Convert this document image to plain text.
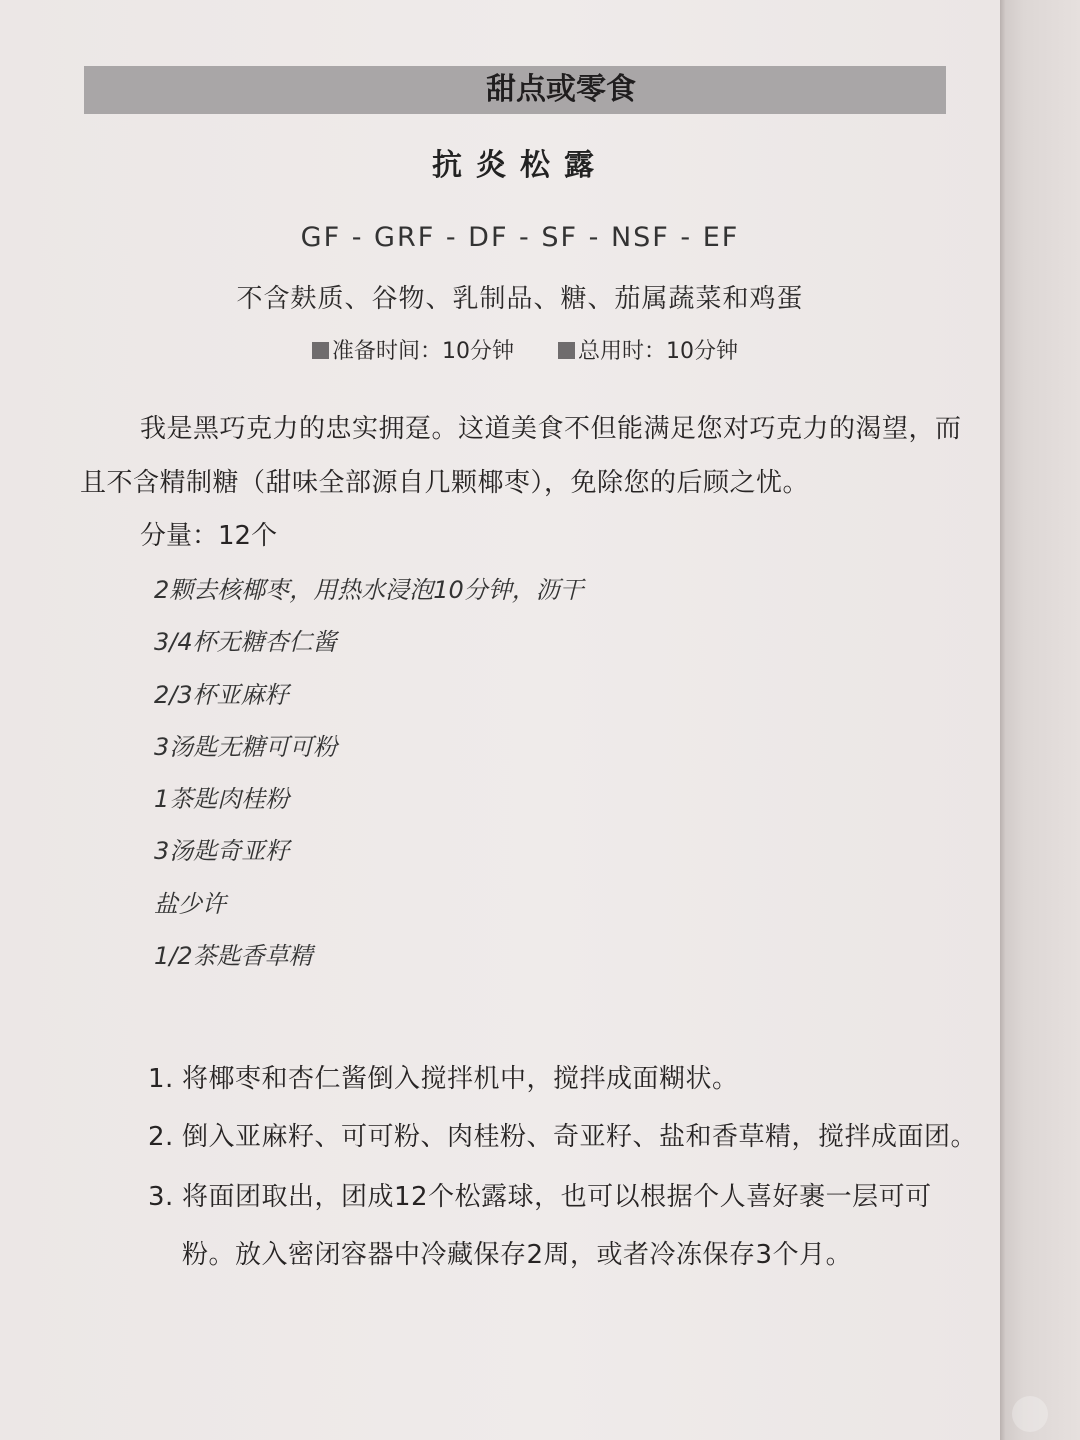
甜点或零食
抗炎松露
GF - GRF - DF - SF - NSF - EF
不含麸质、谷物、乳制品、糖、茄属蔬菜和鸡蛋
准备时间：10分钟	总用时：10分钟
我是黑巧克力的忠实拥趸。这道美食不但能满足您对巧克力的渴望，而且不含精制糖（甜味全部源自几颗椰枣），免除您的后顾之忧。
分量：12个
2颗去核椰枣，用热水浸泡10分钟，沥干
3/4杯无糖杏仁酱
2/3杯亚麻籽
3汤匙无糖可可粉
1茶匙肉桂粉
3汤匙奇亚籽
盐少许
1/2茶匙香草精
1. 将椰枣和杏仁酱倒入搅拌机中，搅拌成面糊状。
2. 倒入亚麻籽、可可粉、肉桂粉、奇亚籽、盐和香草精，搅拌成面团。
3. 将面团取出，团成12个松露球，也可以根据个人喜好裹一层可可粉。放入密闭容器中冷藏保存2周，或者冷冻保存3个月。
